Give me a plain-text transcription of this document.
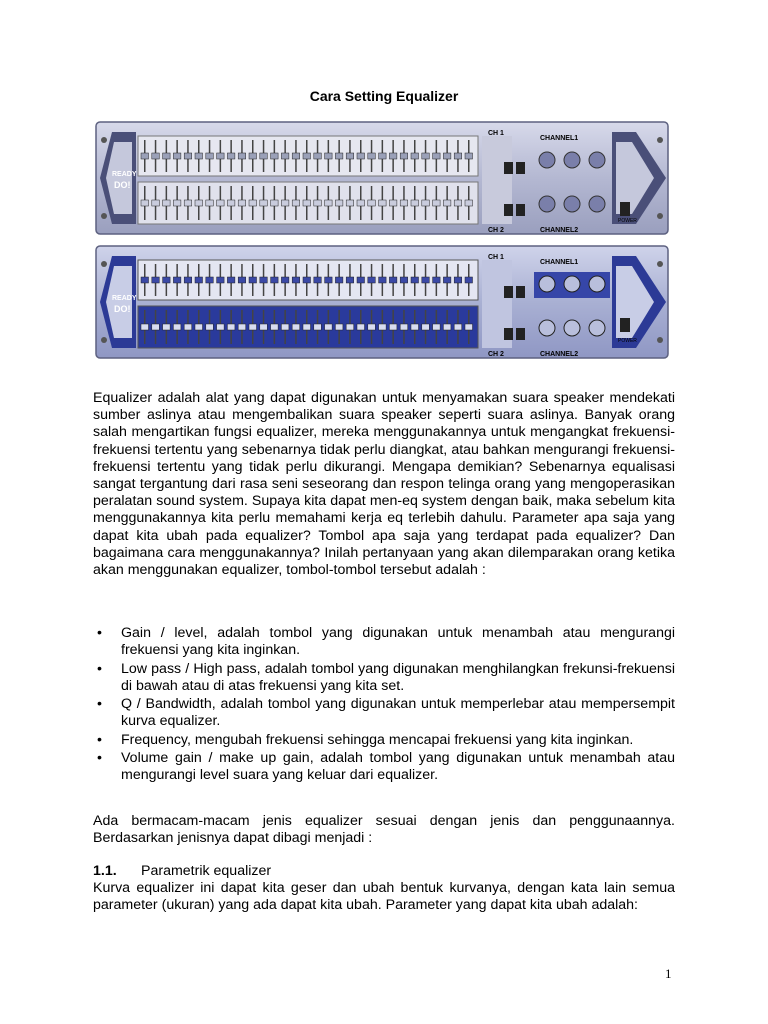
Cara Setting Equalizer
READY
DO!
CH 1
CH 2
CHANNEL1
CHANNEL2
POWER
READY
DO!
CH 1
CH 2
CHANNEL1
CHANNEL2
POWER
Equalizer adalah alat yang dapat digunakan untuk menyamakan suara speaker mendekati sumber aslinya atau mengembalikan suara speaker seperti suara aslinya. Banyak orang salah mengartikan fungsi equalizer, mereka menggunakannya untuk mengangkat frekuensi-frekuensi tertentu yang sebenarnya tidak perlu diangkat, atau bahkan mengurangi frekuensi-frekuensi tertentu yang tidak perlu dikurangi. Mengapa demikian? Sebenarnya equalisasi sangat tergantung dari rasa seni seseorang dan respon telinga orang yang mengoperasikan peralatan sound system. Supaya kita dapat men-eq system dengan baik, maka sebelum kita menggunakannya kita perlu memahami kerja eq terlebih dahulu. Parameter apa saja yang dapat kita ubah pada equalizer? Tombol apa saja yang terdapat pada equalizer? Dan bagaimana cara menggunakannya? Inilah pertanyaan yang akan dilemparakan orang ketika akan menggunakan equalizer, tombol-tombol tersebut adalah :
• Gain / level, adalah tombol yang digunakan untuk menambah atau mengurangi frekuensi yang kita inginkan.
• Low pass / High pass, adalah tombol yang digunakan menghilangkan frekunsi-frekuensi di bawah atau di atas frekuensi yang kita set.
• Q / Bandwidth, adalah tombol yang digunakan untuk memperlebar atau mempersempit kurva equalizer.
• Frequency, mengubah frekuensi sehingga mencapai frekuensi yang kita inginkan.
• Volume gain / make up gain, adalah tombol yang digunakan untuk menambah atau mengurangi level suara yang keluar dari equalizer.
Ada bermacam-macam jenis equalizer sesuai dengan jenis dan penggunaannya. Berdasarkan jenisnya dapat dibagi menjadi :
1.1. Parametrik equalizer
Kurva equalizer ini dapat kita geser dan ubah bentuk kurvanya, dengan kata lain semua parameter (ukuran) yang ada dapat kita ubah. Parameter yang dapat kita ubah adalah:
1
